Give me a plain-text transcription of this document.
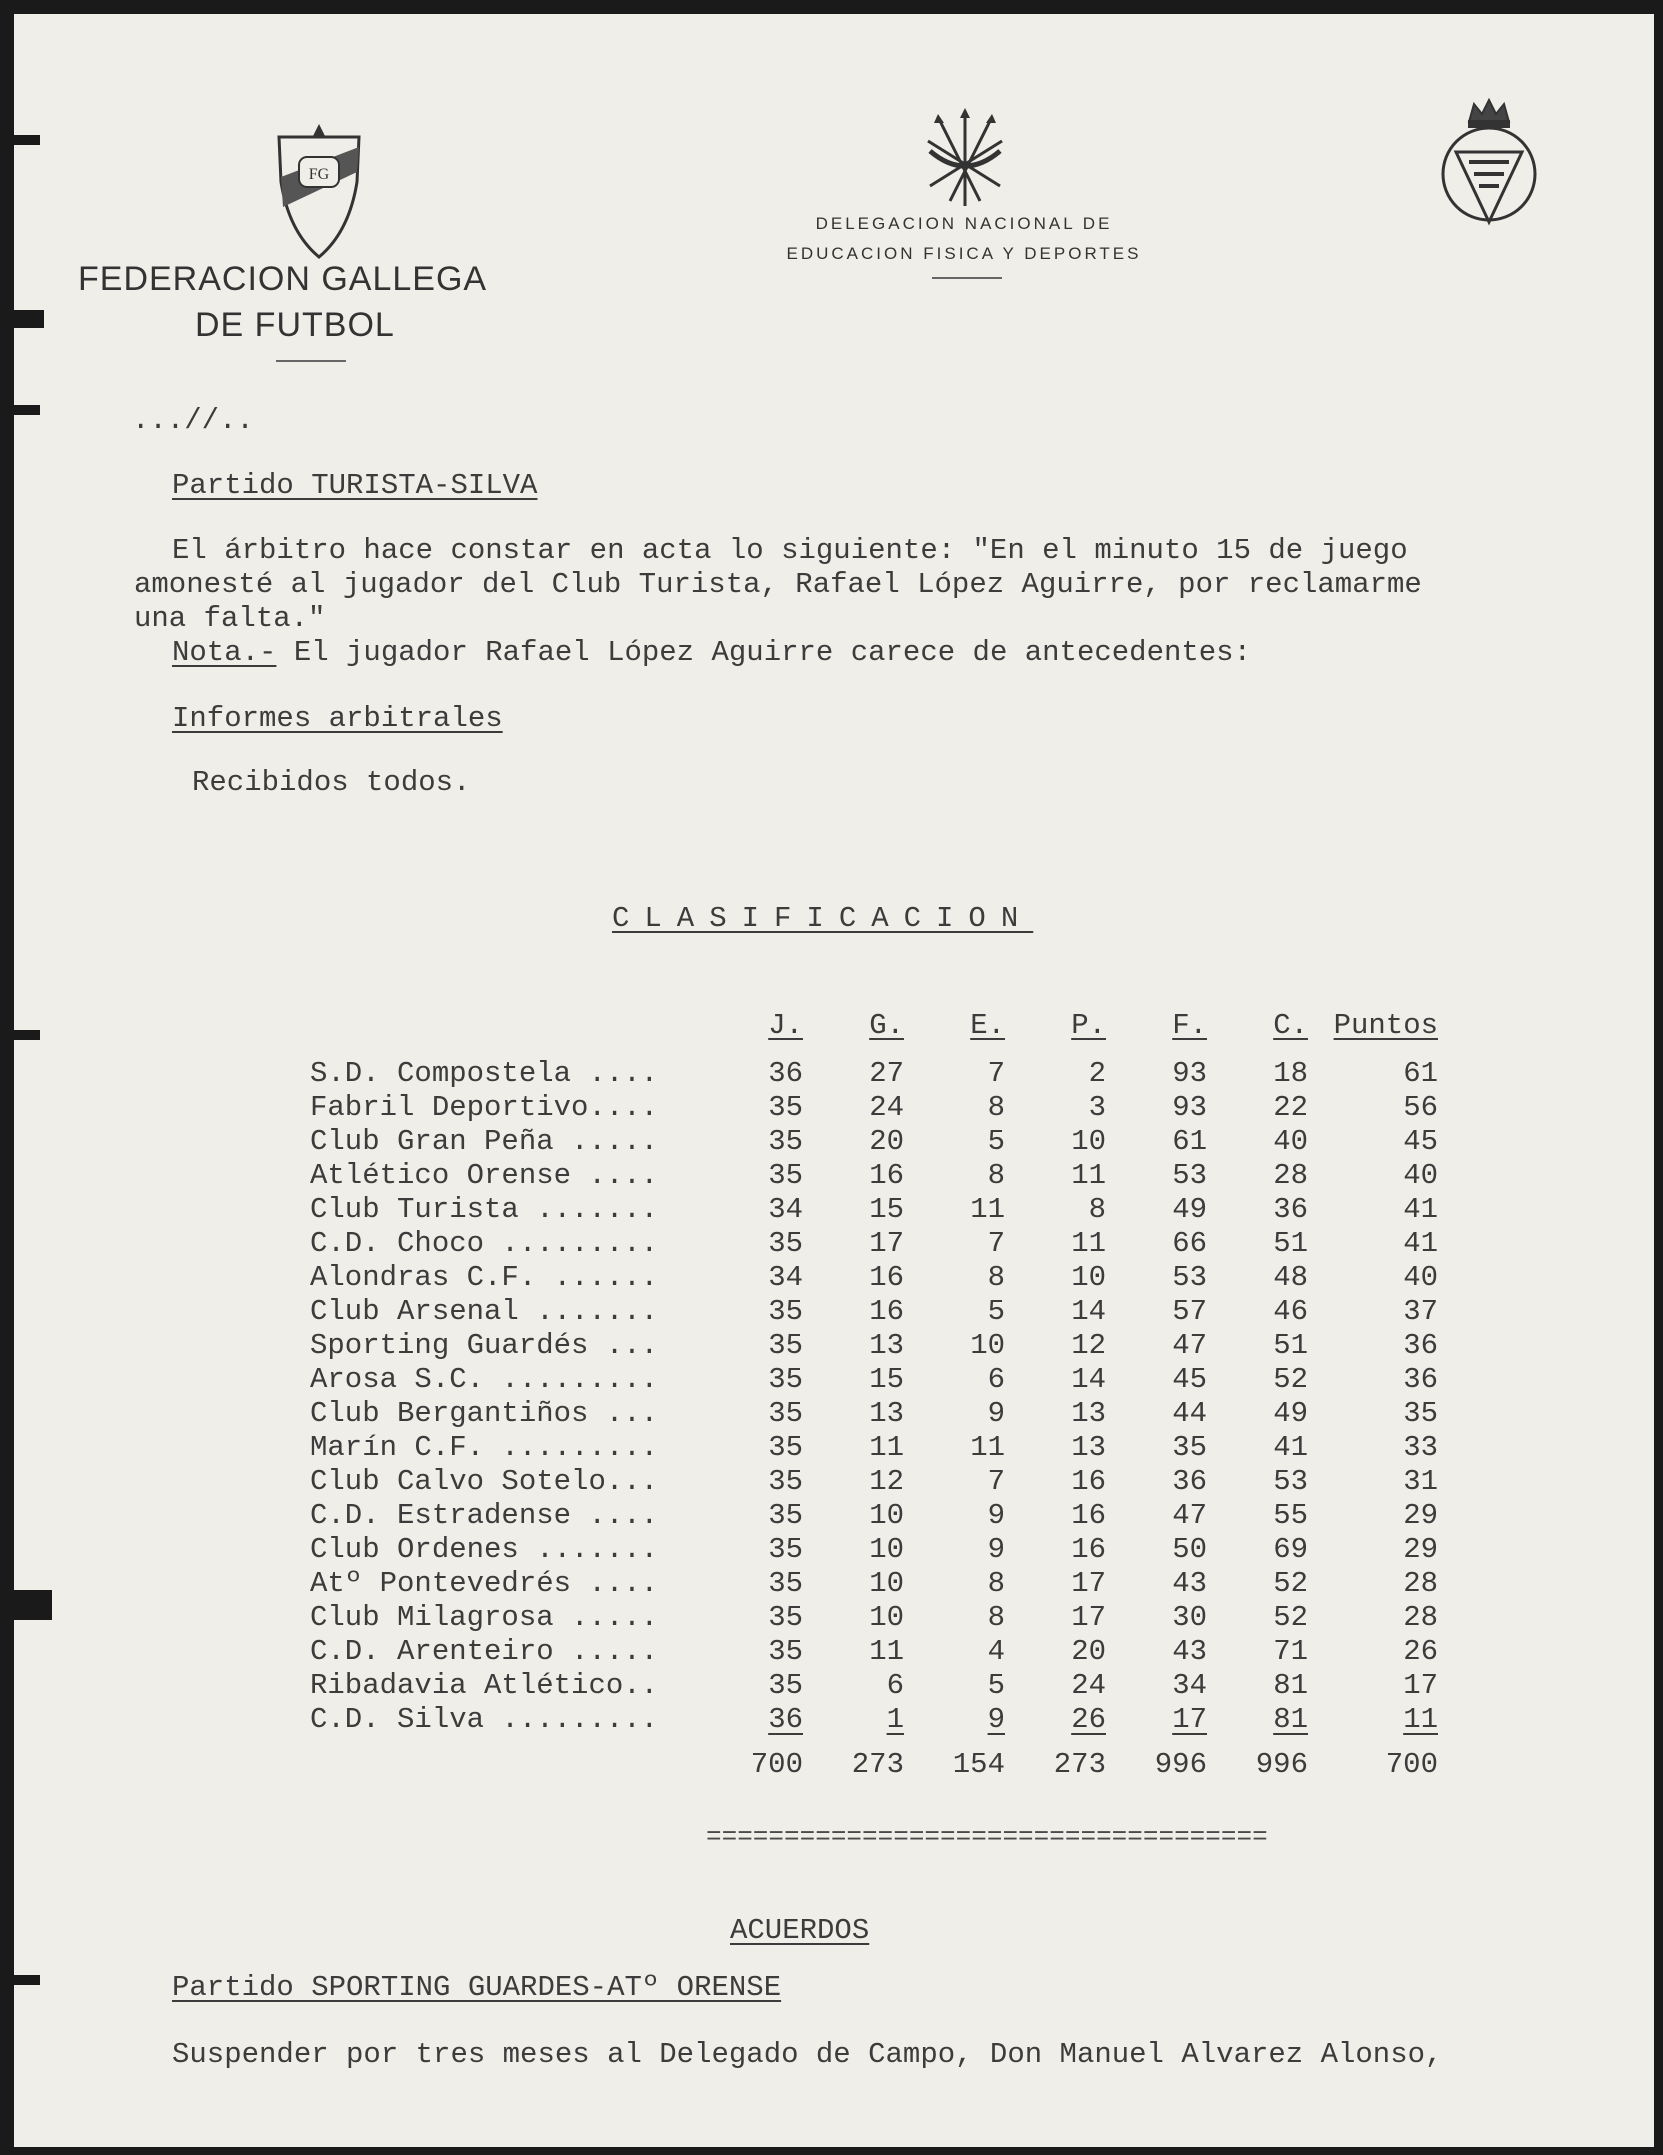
FG
FEDERACION GALLEGA
DE FUTBOL
DELEGACION NACIONAL DE
EDUCACION FISICA Y DEPORTES
...//..
Partido TURISTA-SILVA
El árbitro hace constar en acta lo siguiente: "En el minuto 15 de juego
amonesté al jugador del Club Turista, Rafael López Aguirre, por reclamarme
una falta."
Nota.- El jugador Rafael López Aguirre carece de antecedentes:
Informes arbitrales
Recibidos todos.
CLASIFICACION
	J.	G.	E.	P.	F.	C.	Puntos
S.D. Compostela ....	36	27	7	2	93	18	61
Fabril Deportivo....	35	24	8	3	93	22	56
Club Gran Peña .....	35	20	5	10	61	40	45
Atlético Orense ....	35	16	8	11	53	28	40
Club Turista .......	34	15	11	8	49	36	41
C.D. Choco .........	35	17	7	11	66	51	41
Alondras C.F. ......	34	16	8	10	53	48	40
Club Arsenal .......	35	16	5	14	57	46	37
Sporting Guardés ...	35	13	10	12	47	51	36
Arosa S.C. .........	35	15	6	14	45	52	36
Club Bergantiños ...	35	13	9	13	44	49	35
Marín C.F. .........	35	11	11	13	35	41	33
Club Calvo Sotelo...	35	12	7	16	36	53	31
C.D. Estradense ....	35	10	9	16	47	55	29
Club Ordenes .......	35	10	9	16	50	69	29
Atº Pontevedrés ....	35	10	8	17	43	52	28
Club Milagrosa .....	35	10	8	17	30	52	28
C.D. Arenteiro .....	35	11	4	20	43	71	26
Ribadavia Atlético..	35	6	5	24	34	81	17
C.D. Silva .........	36	1	9	26	17	81	11
	700	273	154	273	996	996	700
====================================
ACUERDOS
Partido SPORTING GUARDES-ATº ORENSE
Suspender por tres meses al Delegado de Campo, Don Manuel Alvarez Alonso,
